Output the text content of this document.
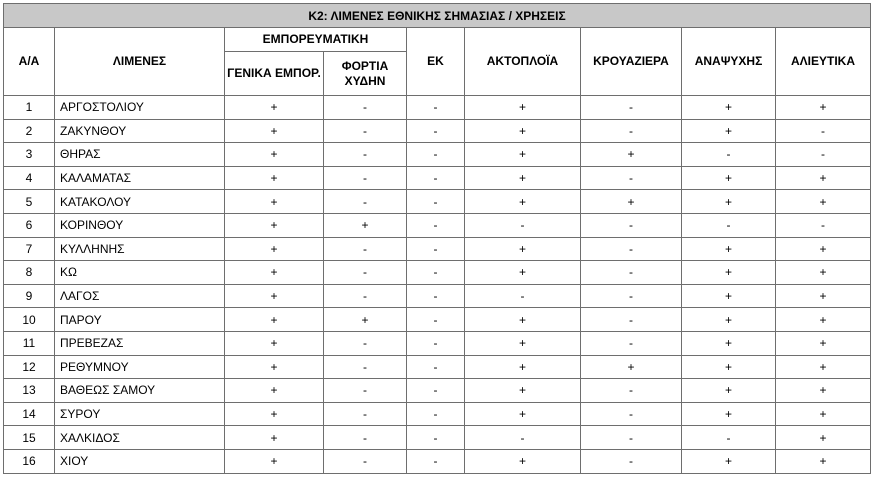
Κ2: ΛΙΜΕΝΕΣ ΕΘΝΙΚΗΣ ΣΗΜΑΣΙΑΣ / ΧΡΗΣΕΙΣ								
Α/Α	ΛΙΜΕΝΕΣ	ΕΜΠΟΡΕΥΜΑΤΙΚΗ		ΕΚ	ΑΚΤΟΠΛΟΪΑ	ΚΡΟΥΑΖΙΕΡΑ	ΑΝΑΨΥΧΗΣ	ΑΛΙΕΥΤΙΚΑ
		ΓΕΝΙΚΑ ΕΜΠΟΡ.	ΦΟΡΤΙΑ ΧΥΔΗΝ					
1	ΑΡΓΟΣΤΟΛΙΟΥ	+	-	-	+	-	+	+
2	ΖΑΚΥΝΘΟΥ	+	-	-	+	-	+	-
3	ΘΗΡΑΣ	+	-	-	+	+	-	-
4	ΚΑΛΑΜΑΤΑΣ	+	-	-	+	-	+	+
5	ΚΑΤΑΚΟΛΟΥ	+	-	-	+	+	+	+
6	ΚΟΡΙΝΘΟΥ	+	+	-	-	-	-	-
7	ΚΥΛΛΗΝΗΣ	+	-	-	+	-	+	+
8	ΚΩ	+	-	-	+	-	+	+
9	ΛΑΓΟΣ	+	-	-	-	-	+	+
10	ΠΑΡΟΥ	+	+	-	+	-	+	+
11	ΠΡΕΒΕΖΑΣ	+	-	-	+	-	+	+
12	ΡΕΘΥΜΝΟΥ	+	-	-	+	+	+	+
13	ΒΑΘΕΩΣ ΣΑΜΟΥ	+	-	-	+	-	+	+
14	ΣΥΡΟΥ	+	-	-	+	-	+	+
15	ΧΑΛΚΙΔΟΣ	+	-	-	-	-	-	+
16	ΧΙΟΥ	+	-	-	+	-	+	+
